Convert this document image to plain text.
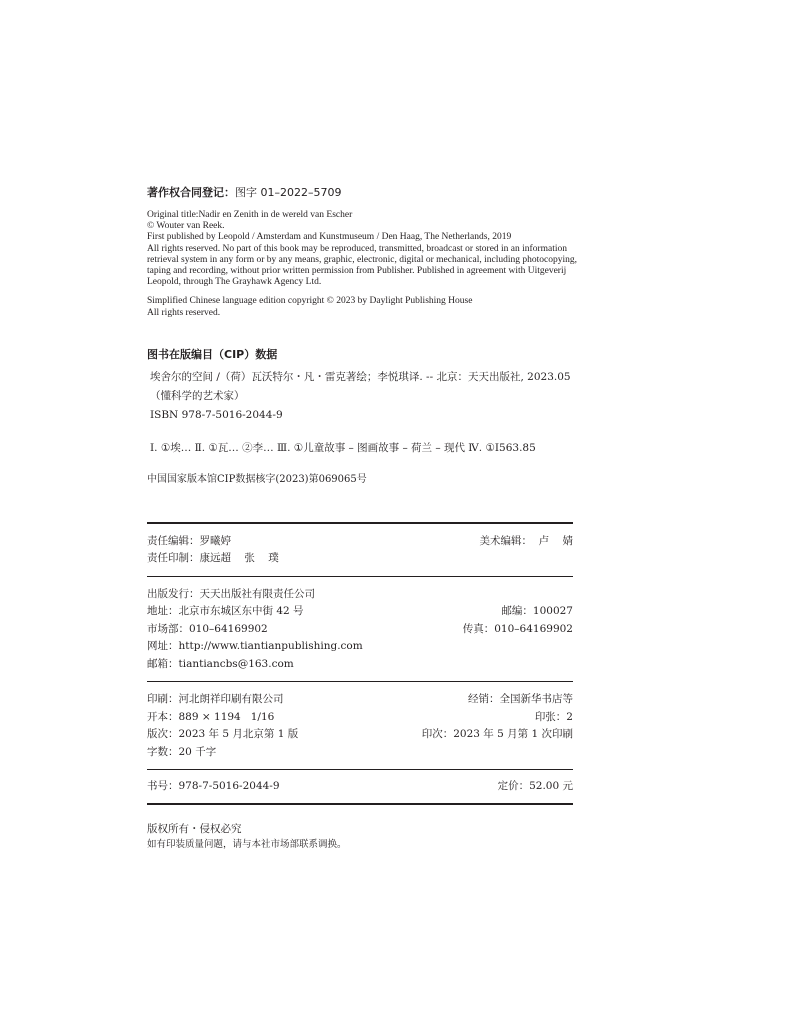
著作权合同登记：图字 01–2022–5709
Original title:Nadir en Zenith in de wereld van Escher
© Wouter van Reek.
First published by Leopold / Amsterdam and Kunstmuseum / Den Haag, The Netherlands, 2019
All rights reserved. No part of this book may be reproduced, transmitted, broadcast or stored in an information
retrieval system in any form or by any means, graphic, electronic, digital or mechanical, including photocopying,
taping and recording, without prior written permission from Publisher. Published in agreement with Uitgeverij
Leopold, through The Grayhawk Agency Ltd.
Simplified Chinese language edition copyright © 2023 by Daylight Publishing House
All rights reserved.
图书在版编目（CIP）数据
埃舍尔的空间 /（荷）瓦沃特尔・凡・雷克著绘；李悦琪译. -- 北京：天天出版社, 2023.05
（懂科学的艺术家）
ISBN 978-7-5016-2044-9
Ⅰ. ①埃… Ⅱ. ①瓦… ②李… Ⅲ. ①儿童故事 – 图画故事 – 荷兰 – 现代 Ⅳ. ①I563.85
中国国家版本馆CIP数据核字(2023)第069065号
责任编辑：罗曦婷	美术编辑：  卢    婧
责任印制：康远超    张    璞
出版发行：天天出版社有限责任公司
地址：北京市东城区东中街 42 号	邮编：100027
市场部：010–64169902	传真：010–64169902
网址：http://www.tiantianpublishing.com
邮箱：tiantiancbs@163.com
印刷：河北朗祥印刷有限公司	经销：全国新华书店等
开本：889 × 1194   1/16	印张：2
版次：2023 年 5 月北京第 1 版	印次：2023 年 5 月第 1 次印刷
字数：20 千字
书号：978-7-5016-2044-9	定价：52.00 元
版权所有・侵权必究
如有印装质量问题，请与本社市场部联系调换。
